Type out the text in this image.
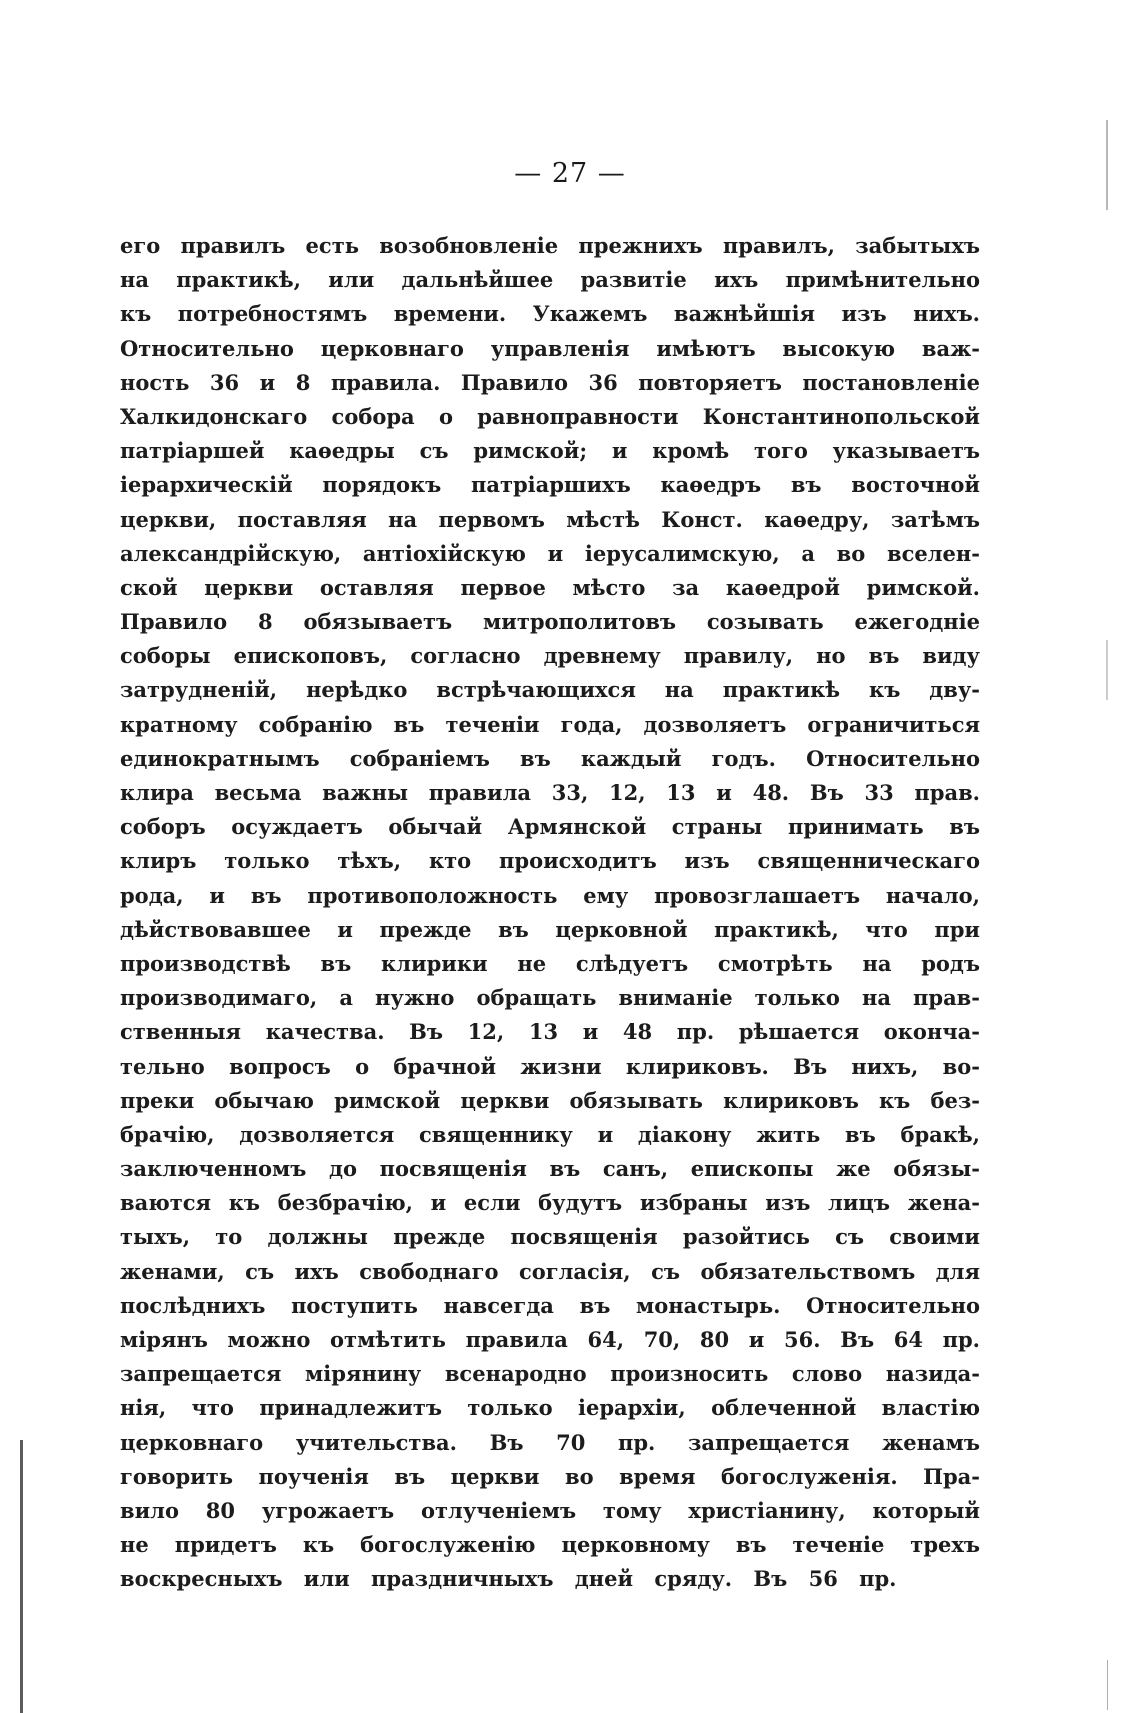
— 27 —
его правилъ есть возобновленіе прежнихъ правилъ, забытыхъ
на практикѣ, или дальнѣйшее развитіе ихъ примѣнительно
къ потребностямъ времени. Укажемъ важнѣйшія изъ нихъ.
Относительно церковнаго управленія имѣютъ высокую важ-
ность 36 и 8 правила. Правило 36 повторяетъ постановленіе
Халкидонскаго собора о равноправности Константинопольской
патріаршей каѳедры съ римской; и кромѣ того указываетъ
іерархическій порядокъ патріаршихъ каѳедръ въ восточной
церкви, поставляя на первомъ мѣстѣ Конст. каѳедру, затѣмъ
александрійскую, антіохійскую и іерусалимскую, а во вселен-
ской церкви оставляя первое мѣсто за каѳедрой римской.
Правило 8 обязываетъ митрополитовъ созывать ежегодніе
соборы епископовъ, согласно древнему правилу, но въ виду
затрудненій, нерѣдко встрѣчающихся на практикѣ къ дву-
кратному собранію въ теченіи года, дозволяетъ ограничиться
единократнымъ собраніемъ въ каждый годъ. Относительно
клира весьма важны правила 33, 12, 13 и 48. Въ 33 прав.
соборъ осуждаетъ обычай Армянской страны принимать въ
клиръ только тѣхъ, кто происходитъ изъ священническаго
рода, и въ противоположность ему провозглашаетъ начало,
дѣйствовавшее и прежде въ церковной практикѣ, что при
производствѣ въ клирики не слѣдуетъ смотрѣть на родъ
производимаго, а нужно обращать вниманіе только на прав-
ственныя качества. Въ 12, 13 и 48 пр. рѣшается оконча-
тельно вопросъ о брачной жизни клириковъ. Въ нихъ, во-
преки обычаю римской церкви обязывать клириковъ къ без-
брачію, дозволяется священнику и діакону жить въ бракѣ,
заключенномъ до посвященія въ санъ, епископы же обязы-
ваются къ безбрачію, и если будутъ избраны изъ лицъ жена-
тыхъ, то должны прежде посвященія разойтись съ своими
женами, съ ихъ свободнаго согласія, съ обязательствомъ для
послѣднихъ поступить навсегда въ монастырь. Относительно
мірянъ можно отмѣтить правила 64, 70, 80 и 56. Въ 64 пр.
запрещается мірянину всенародно произносить слово назида-
нія, что принадлежитъ только іерархіи, облеченной властію
церковнаго учительства. Въ 70 пр. запрещается женамъ
говорить поученія въ церкви во время богослуженія. Пра-
вило 80 угрожаетъ отлученіемъ тому христіанину, который
не придетъ къ богослуженію церковному въ теченіе трехъ
воскресныхъ или праздничныхъ дней сряду. Въ 56 пр.
